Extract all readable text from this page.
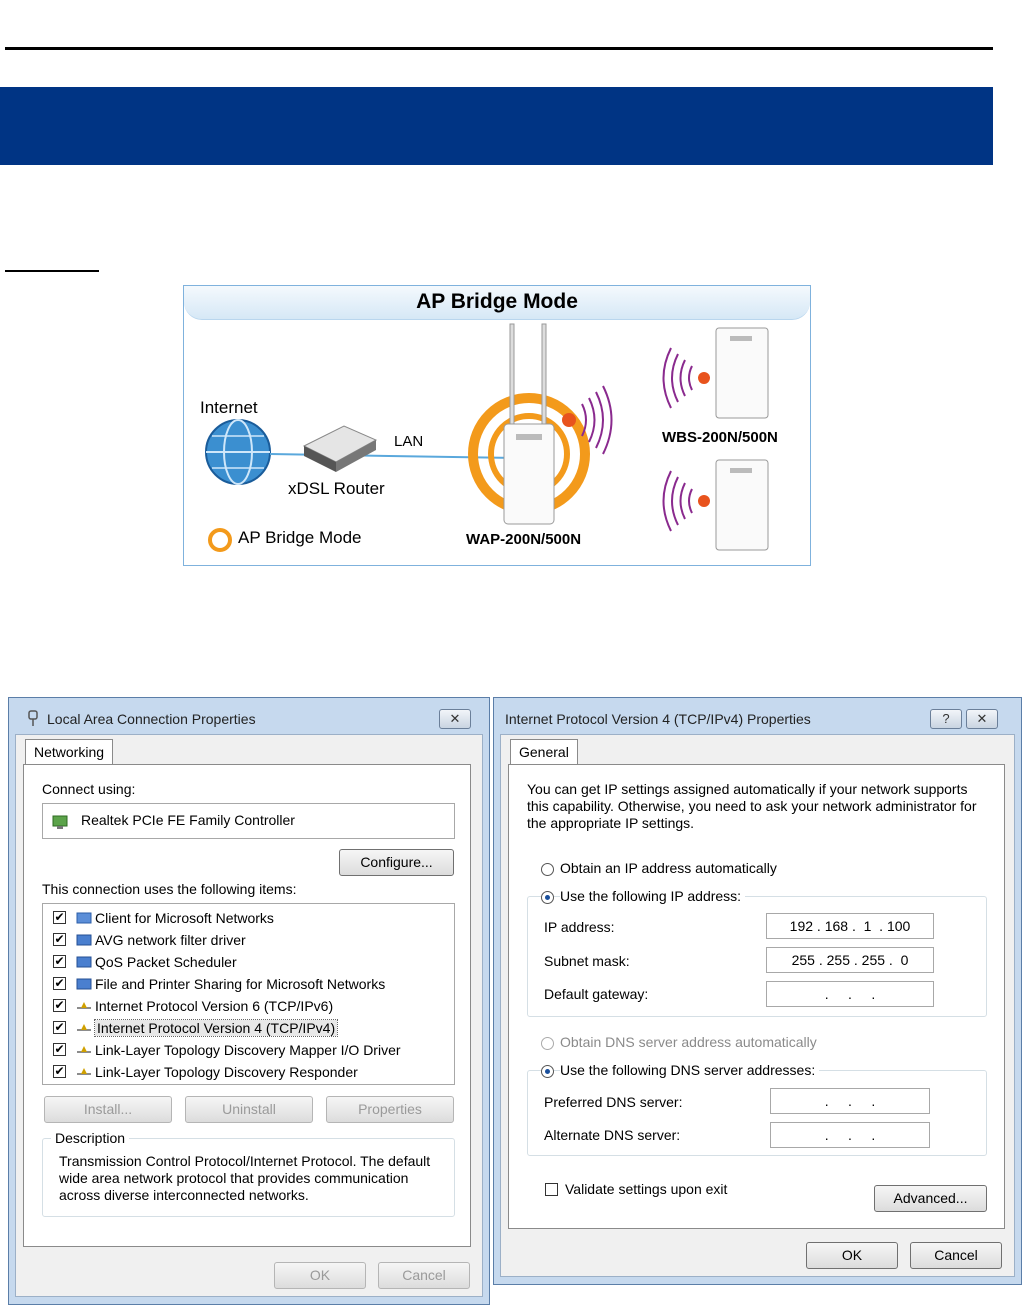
AP Bridge Mode
Internet
LAN
xDSL Router
AP Bridge Mode	WAP-200N/500N
WBS-200N/500N
Local Area Connection Properties	✕
Networking
Connect using:
Realtek PCIe FE Family Controller
Configure...
This connection uses the following items:
✔ Client for Microsoft Networks
✔ AVG network filter driver
✔ QoS Packet Scheduler
✔ File and Printer Sharing for Microsoft Networks
✔ Internet Protocol Version 6 (TCP/IPv6)
✔ Internet Protocol Version 4 (TCP/IPv4)
✔ Link-Layer Topology Discovery Mapper I/O Driver
✔ Link-Layer Topology Discovery Responder
Install...	Uninstall	Properties
Description
Transmission Control Protocol/Internet Protocol. The default wide area network protocol that provides communication across diverse interconnected networks.
OK	Cancel
Internet Protocol Version 4 (TCP/IPv4) Properties	?	✕
General
You can get IP settings assigned automatically if your network supports this capability. Otherwise, you need to ask your network administrator for the appropriate IP settings.
Obtain an IP address automatically
Use the following IP address:
IP address:	192 . 168 .  1  . 100
Subnet mask:	255 . 255 . 255 .  0
Default gateway:	.     .     .
Obtain DNS server address automatically
Use the following DNS server addresses:
Preferred DNS server:	.     .     .
Alternate DNS server:	.     .     .
Validate settings upon exit
Advanced...
OK	Cancel
